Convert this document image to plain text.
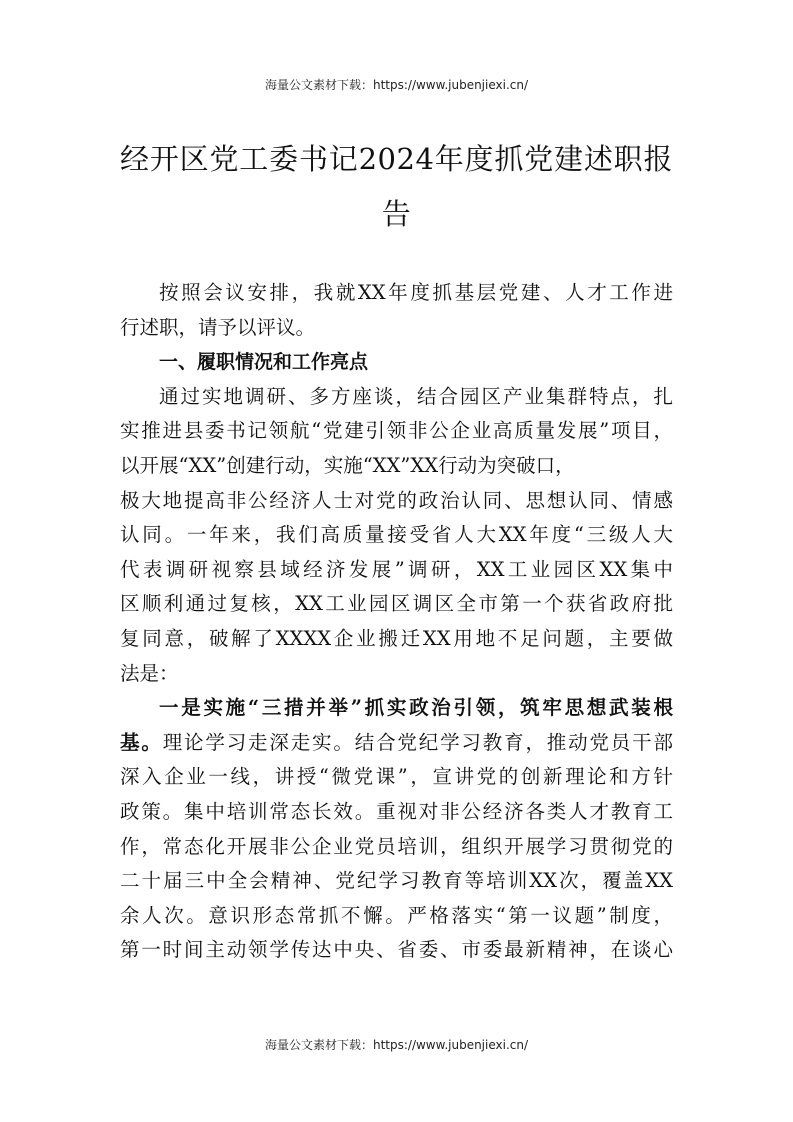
海量公文素材下载：https://www.jubenjiexi.cn/
经开区党工委书记2024年度抓党建述职报
告
按照会议安排，我就XX年度抓基层党建、人才工作进
行述职，请予以评议。
一、履职情况和工作亮点
通过实地调研、多方座谈，结合园区产业集群特点，扎
实推进县委书记领航“党建引领非公企业高质量发展”项目，
以开展“XX”创建行动，实施“XX”XX行动为突破口，
极大地提高非公经济人士对党的政治认同、思想认同、情感
认同。一年来，我们高质量接受省人大XX年度“三级人大
代表调研视察县域经济发展”调研，XX工业园区XX集中
区顺利通过复核，XX工业园区调区全市第一个获省政府批
复同意，破解了XXXX企业搬迁XX用地不足问题，主要做
法是：
一是实施“三措并举”抓实政治引领，筑牢思想武装根
基。理论学习走深走实。结合党纪学习教育，推动党员干部
深入企业一线，讲授“微党课”，宣讲党的创新理论和方针
政策。集中培训常态长效。重视对非公经济各类人才教育工
作，常态化开展非公企业党员培训，组织开展学习贯彻党的
二十届三中全会精神、党纪学习教育等培训XX次，覆盖XX
余人次。意识形态常抓不懈。严格落实“第一议题”制度，
第一时间主动领学传达中央、省委、市委最新精神，在谈心
海量公文素材下载：https://www.jubenjiexi.cn/
